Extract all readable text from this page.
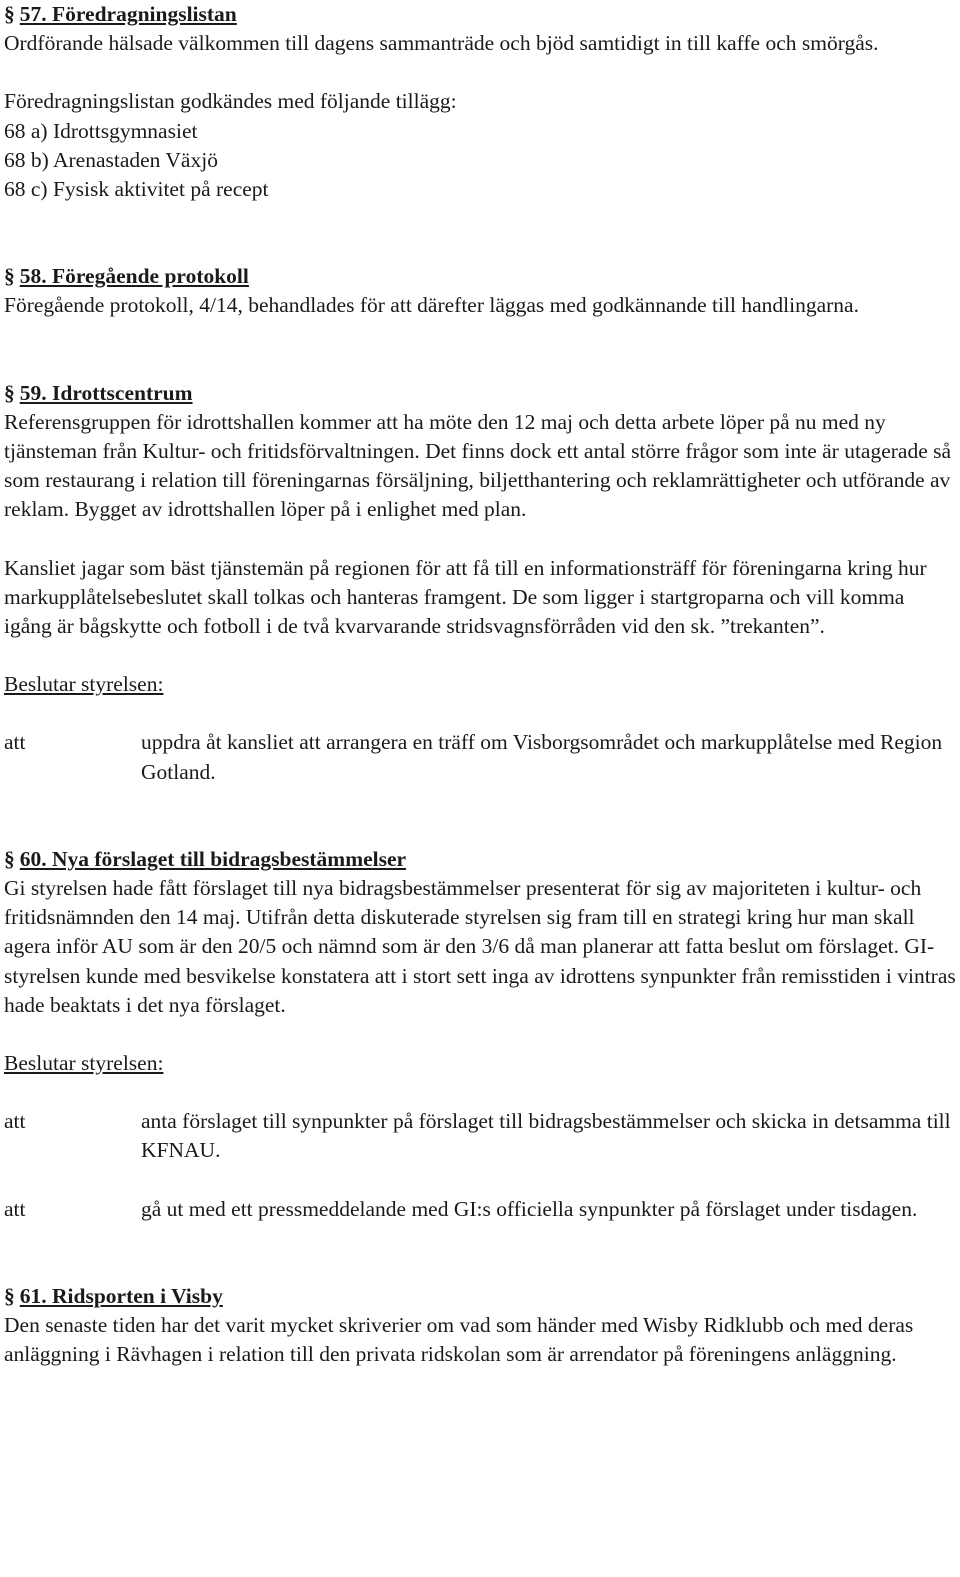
§ 57. Föredragningslistan

Ordförande hälsade välkommen till dagens sammanträde och bjöd samtidigt in till kaffe och smörgås.

Föredragningslistan godkändes med följande tillägg:

68 a) Idrottsgymnasiet

68 b) Arenastaden Växjö

68 c) Fysisk aktivitet på recept

§ 58. Föregående protokoll

Föregående protokoll, 4/14, behandlades för att därefter läggas med godkännande till handlingarna.

§ 59. Idrottscentrum

Referensgruppen för idrottshallen kommer att ha möte den 12 maj och detta arbete löper på nu med ny tjänsteman från Kultur- och fritidsförvaltningen. Det finns dock ett antal större frågor som inte är utagerade så som restaurang i relation till föreningarnas försäljning, biljetthantering och reklamrättigheter och utförande av reklam. Bygget av idrottshallen löper på i enlighet med plan.

Kansliet jagar som bäst tjänstemän på regionen för att få till en informationsträff för föreningarna kring hur markupplåtelsebeslutet skall tolkas och hanteras framgent. De som ligger i startgroparna och vill komma igång är bågskytte och fotboll i de två kvarvarande stridsvagnsförråden vid den sk. ”trekanten”.

Beslutar styrelsen:

att	uppdra åt kansliet att arrangera en träff om Visborgsområdet och markupplåtelse med Region Gotland.

§ 60. Nya förslaget till bidragsbestämmelser

Gi styrelsen hade fått förslaget till nya bidragsbestämmelser presenterat för sig av majoriteten i kultur- och fritidsnämnden den 14 maj. Utifrån detta diskuterade styrelsen sig fram till en strategi kring hur man skall agera inför AU som är den 20/5 och nämnd som är den 3/6 då man planerar att fatta beslut om förslaget. GI-styrelsen kunde med besvikelse konstatera att i stort sett inga av idrottens synpunkter från remisstiden i vintras hade beaktats i det nya förslaget.

Beslutar styrelsen:

att	anta förslaget till synpunkter på förslaget till bidragsbestämmelser och skicka in detsamma till KFNAU.
att	gå ut med ett pressmeddelande med GI:s officiella synpunkter på förslaget under tisdagen.

§ 61. Ridsporten i Visby

Den senaste tiden har det varit mycket skriverier om vad som händer med Wisby Ridklubb och med deras anläggning i Rävhagen i relation till den privata ridskolan som är arrendator på föreningens anläggning.
